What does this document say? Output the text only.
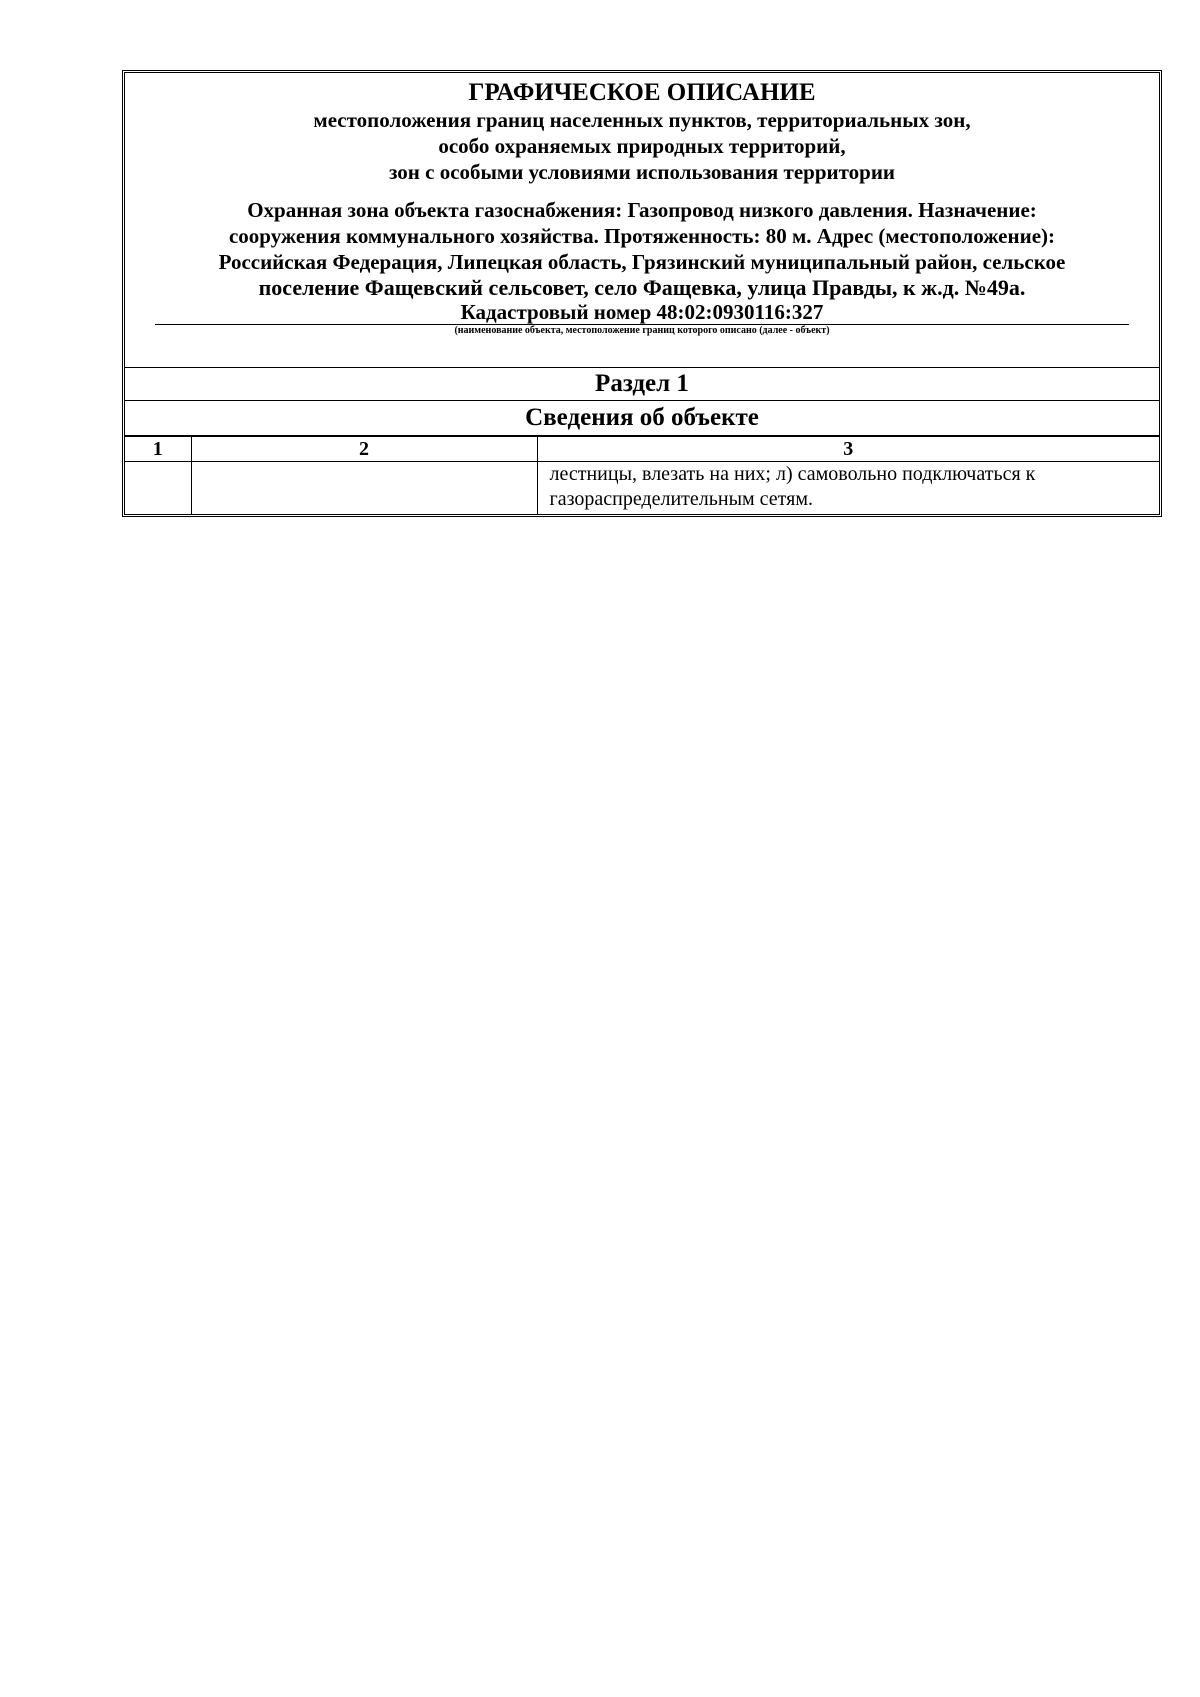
ГРАФИЧЕСКОЕ ОПИСАНИЕ

местоположения границ населенных пунктов, территориальных зон,

особо охраняемых природных территорий,

зон с особыми условиями использования территории

Охранная зона объекта газоснабжения: Газопровод низкого давления. Назначение:

сооружения коммунального хозяйства. Протяженность: 80 м. Адрес (местоположение):

Российская Федерация, Липецкая область, Грязинский муниципальный район, сельское

поселение Фащевский сельсовет, село Фащевка, улица Правды, к ж.д. №49а.

Кадастровый номер 48:02:0930116:327

(наименование объекта, местоположение границ которого описано (далее - объект)

Раздел 1
Сведения об объекте
1	2	3

		лестницы, влезать на них; л) самовольно подключаться к
газораспределительным сетям.
